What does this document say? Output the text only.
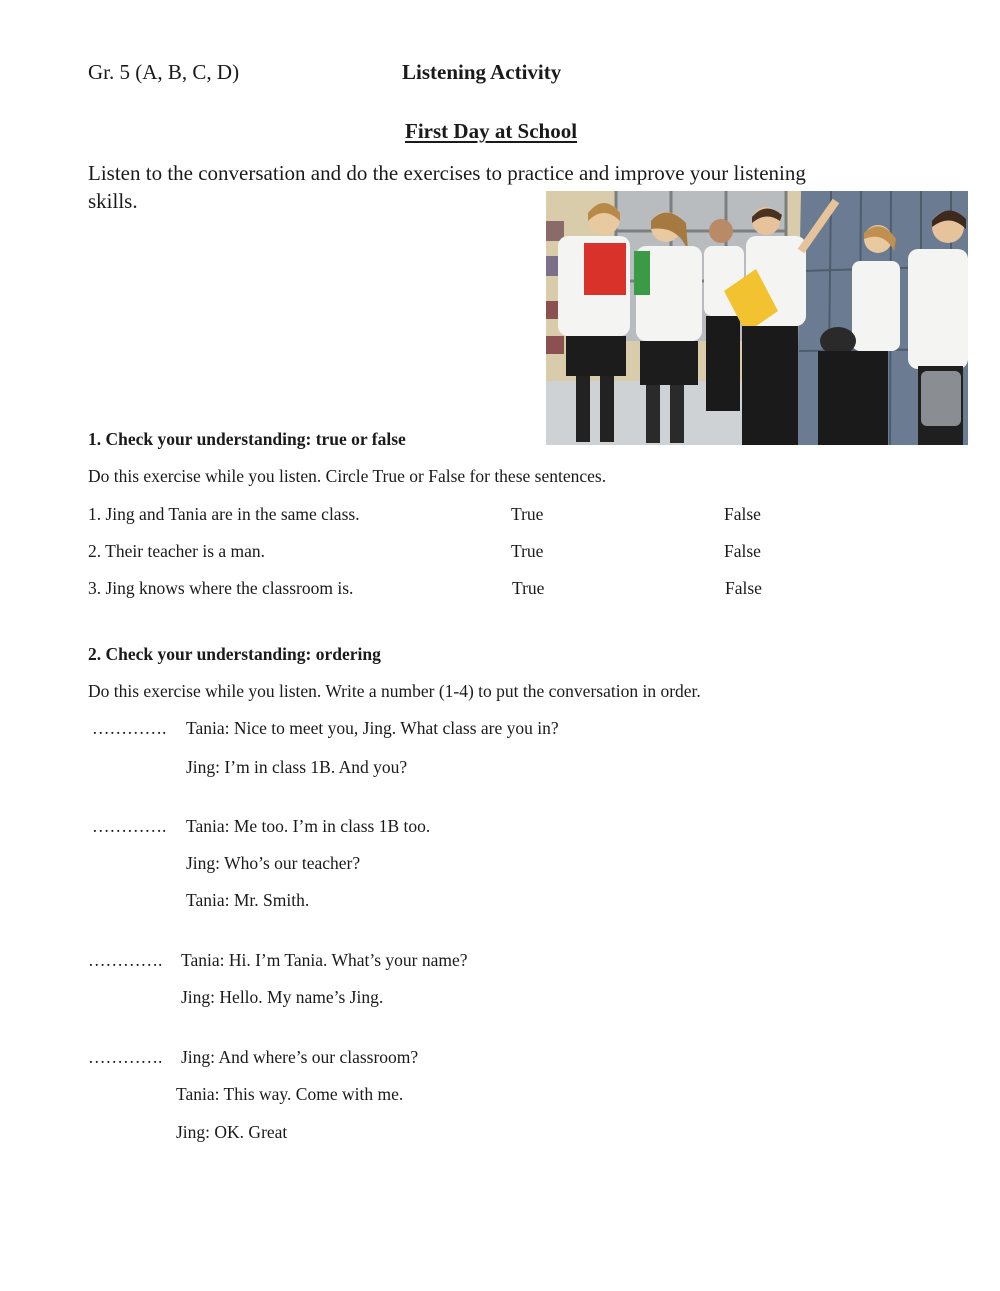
Gr. 5 (A, B, C, D)	Listening Activity
First Day at School
Listen to the conversation and do the exercises to practice and improve your listening
skills.
1. Check your understanding: true or false
Do this exercise while you listen. Circle True or False for these sentences.
1. Jing and Tania are in the same class.	True	False
2. Their teacher is a man.	True	False
3. Jing knows where the classroom is.	True	False
2. Check your understanding: ordering
Do this exercise while you listen. Write a number (1-4) to put the conversation in order.
…………. Tania: Nice to meet you, Jing. What class are you in?
Jing: I’m in class 1B. And you?
…………. Tania: Me too. I’m in class 1B too.
Jing: Who’s our teacher?
Tania: Mr. Smith.
…………. Tania: Hi. I’m Tania. What’s your name?
Jing: Hello. My name’s Jing.
…………. Jing: And where’s our classroom?
Tania: This way. Come with me.
Jing: OK. Great
